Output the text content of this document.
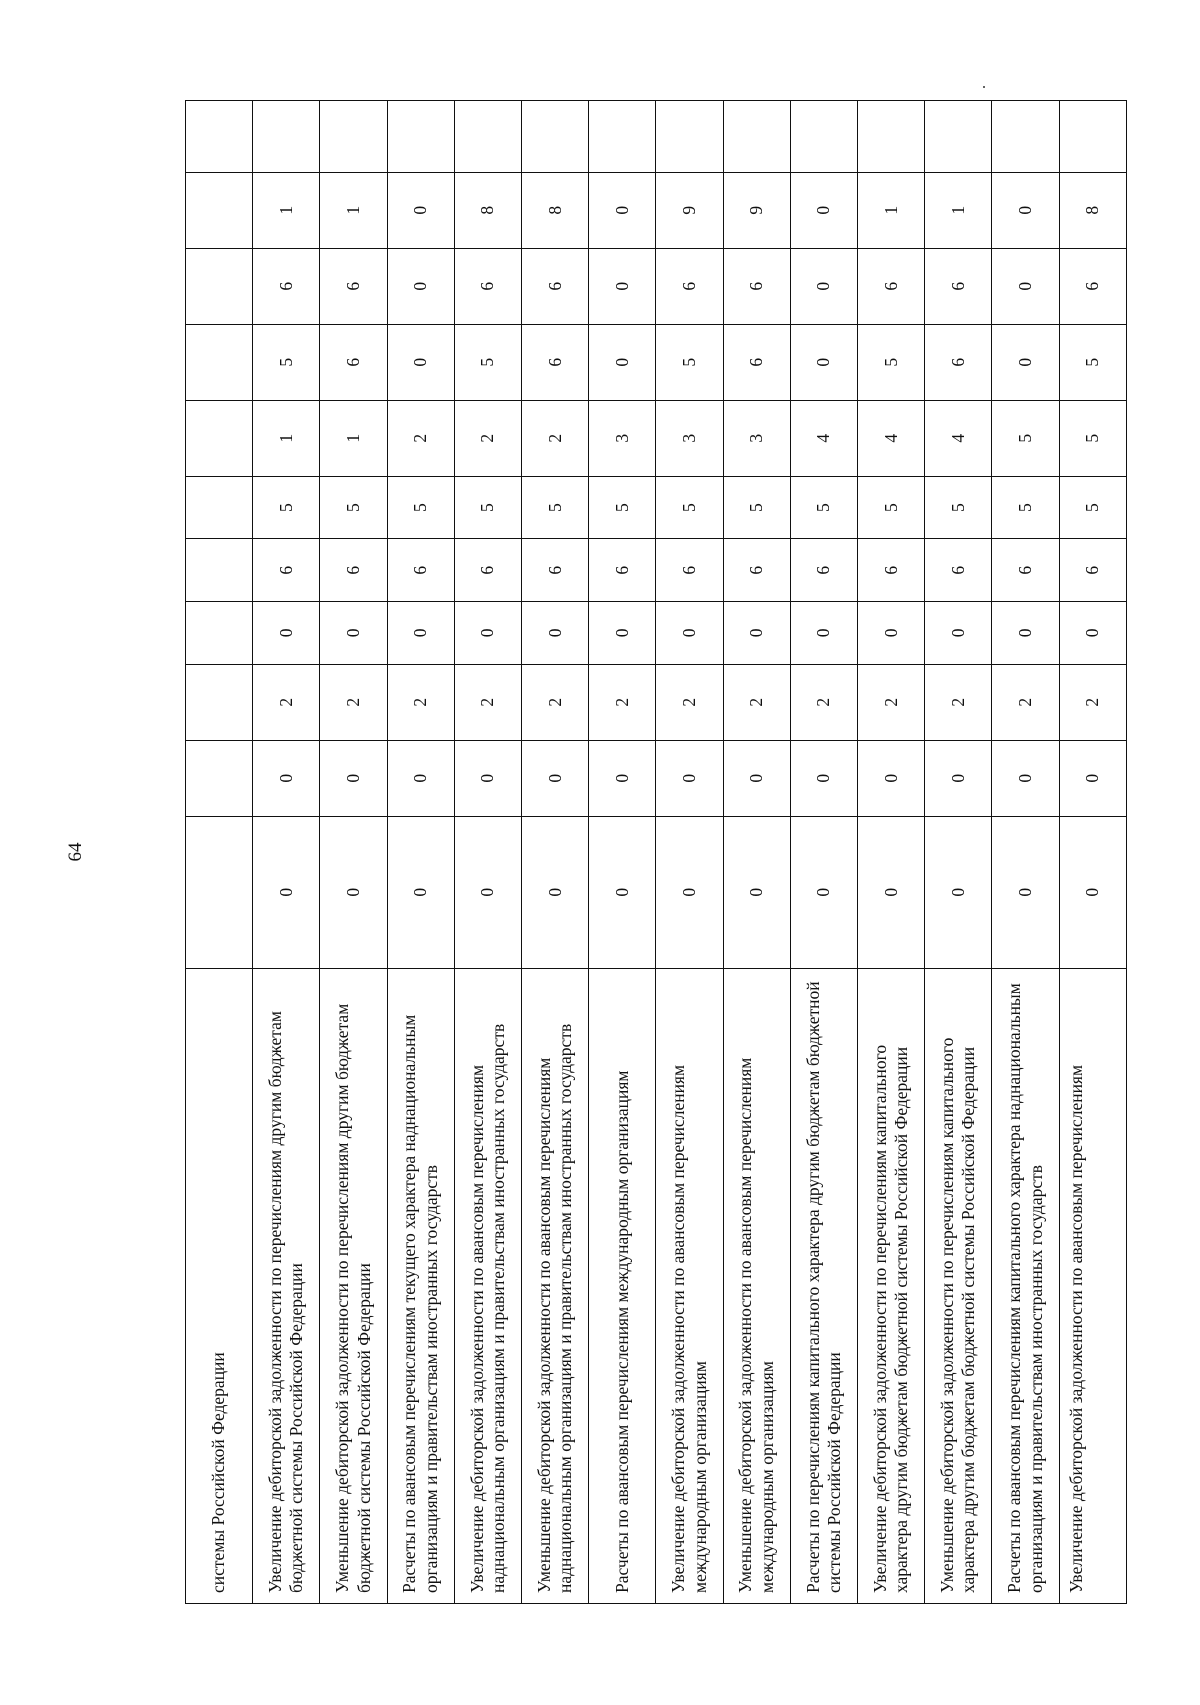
64
системы Российской Федерации											
Увеличение дебиторской задолженности по перечислениям другим бюджетам бюджетной системы Российской Федерации	0	0	2	0	6	5	1	5	6	1	
Уменьшение дебиторской задолженности по перечислениям другим бюджетам бюджетной системы Российской Федерации	0	0	2	0	6	5	1	6	6	1	
Расчеты по авансовым перечислениям текущего характера наднациональным организациям и правительствам иностранных государств	0	0	2	0	6	5	2	0	0	0	
Увеличение дебиторской задолженности по авансовым перечислениям наднациональным организациям и правительствам иностранных государств	0	0	2	0	6	5	2	5	6	8	
Уменьшение дебиторской задолженности по авансовым перечислениям наднациональным организациям и правительствам иностранных государств	0	0	2	0	6	5	2	6	6	8	
Расчеты по авансовым перечислениям международным организациям	0	0	2	0	6	5	3	0	0	0	
Увеличение дебиторской задолженности по авансовым перечислениям международным организациям	0	0	2	0	6	5	3	5	6	9	
Уменьшение дебиторской задолженности по авансовым перечислениям международным организациям	0	0	2	0	6	5	3	6	6	9	
Расчеты по перечислениям капитального характера другим бюджетам бюджетной системы Российской Федерации	0	0	2	0	6	5	4	0	0	0	
Увеличение дебиторской задолженности по перечислениям капитального характера другим бюджетам бюджетной системы Российской Федерации	0	0	2	0	6	5	4	5	6	1	
Уменьшение дебиторской задолженности по перечислениям капитального характера другим бюджетам бюджетной системы Российской Федерации	0	0	2	0	6	5	4	6	6	1	
Расчеты по авансовым перечислениям капитального характера наднациональным организациям и правительствам иностранных государств	0	0	2	0	6	5	5	0	0	0	
Увеличение дебиторской задолженности по авансовым перечислениям	0	0	2	0	6	5	5	5	6	8	
